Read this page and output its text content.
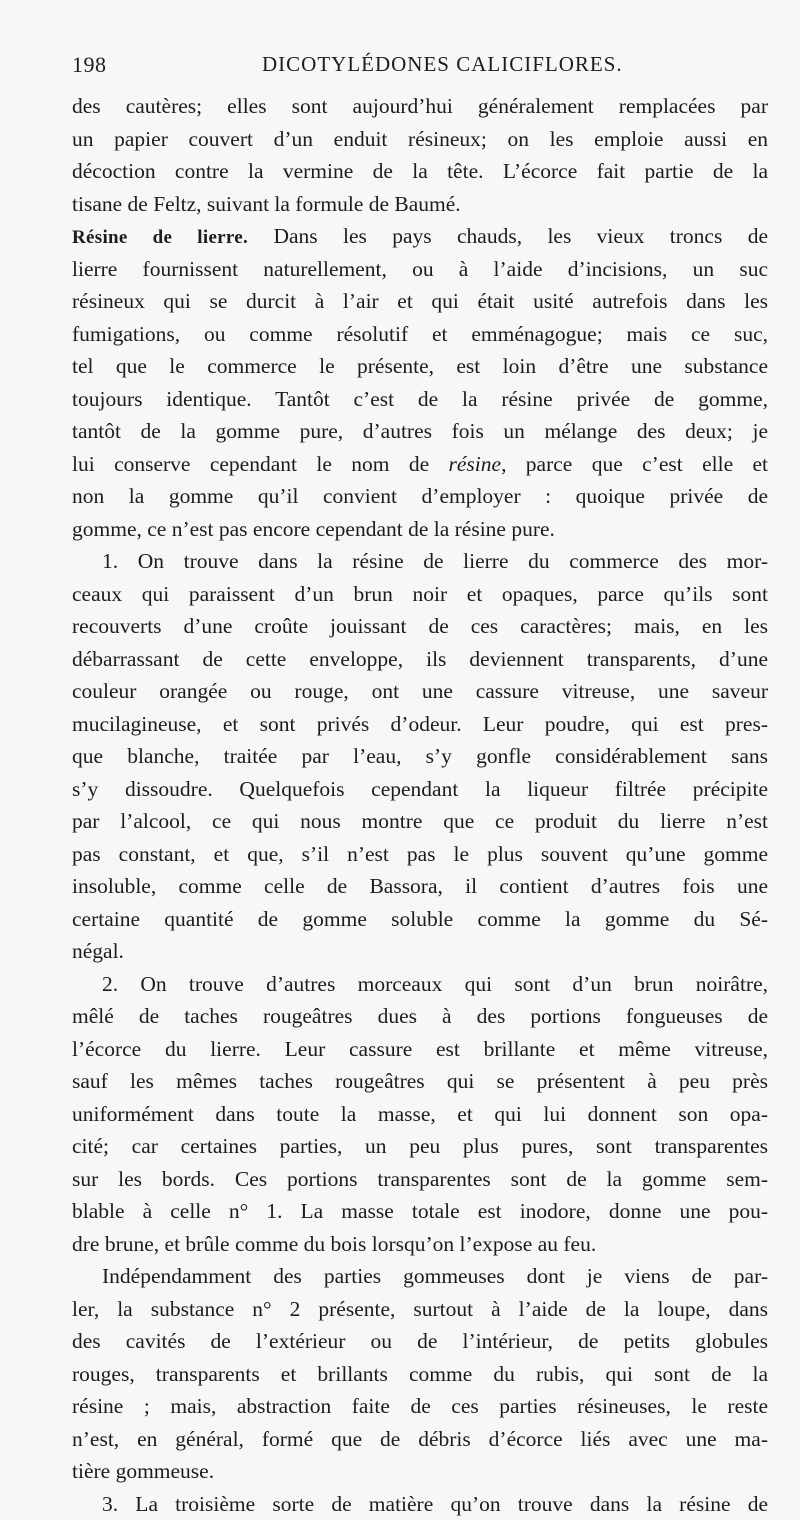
198	DICOTYLÉDONES CALICIFLORES.
des cautères; elles sont aujourd’hui généralement remplacées par
un papier couvert d’un enduit résineux; on les emploie aussi en
décoction contre la vermine de la tête. L’écorce fait partie de la
tisane de Feltz, suivant la formule de Baumé.
Résine de lierre. Dans les pays chauds, les vieux troncs de
lierre fournissent naturellement, ou à l’aide d’incisions, un suc
résineux qui se durcit à l’air et qui était usité autrefois dans les
fumigations, ou comme résolutif et emménagogue; mais ce suc,
tel que le commerce le présente, est loin d’être une substance
toujours identique. Tantôt c’est de la résine privée de gomme,
tantôt de la gomme pure, d’autres fois un mélange des deux; je
lui conserve cependant le nom de résine, parce que c’est elle et
non la gomme qu’il convient d’employer : quoique privée de
gomme, ce n’est pas encore cependant de la résine pure.
1. On trouve dans la résine de lierre du commerce des mor-
ceaux qui paraissent d’un brun noir et opaques, parce qu’ils sont
recouverts d’une croûte jouissant de ces caractères; mais, en les
débarrassant de cette enveloppe, ils deviennent transparents, d’une
couleur orangée ou rouge, ont une cassure vitreuse, une saveur
mucilagineuse, et sont privés d’odeur. Leur poudre, qui est pres-
que blanche, traitée par l’eau, s’y gonfle considérablement sans
s’y dissoudre. Quelquefois cependant la liqueur filtrée précipite
par l’alcool, ce qui nous montre que ce produit du lierre n’est
pas constant, et que, s’il n’est pas le plus souvent qu’une gomme
insoluble, comme celle de Bassora, il contient d’autres fois une
certaine quantité de gomme soluble comme la gomme du Sé-
négal.
2. On trouve d’autres morceaux qui sont d’un brun noirâtre,
mêlé de taches rougeâtres dues à des portions fongueuses de
l’écorce du lierre. Leur cassure est brillante et même vitreuse,
sauf les mêmes taches rougeâtres qui se présentent à peu près
uniformément dans toute la masse, et qui lui donnent son opa-
cité; car certaines parties, un peu plus pures, sont transparentes
sur les bords. Ces portions transparentes sont de la gomme sem-
blable à celle n° 1. La masse totale est inodore, donne une pou-
dre brune, et brûle comme du bois lorsqu’on l’expose au feu.
Indépendamment des parties gommeuses dont je viens de par-
ler, la substance n° 2 présente, surtout à l’aide de la loupe, dans
des cavités de l’extérieur ou de l’intérieur, de petits globules
rouges, transparents et brillants comme du rubis, qui sont de la
résine ; mais, abstraction faite de ces parties résineuses, le reste
n’est, en général, formé que de débris d’écorce liés avec une ma-
tière gommeuse.
3. La troisième sorte de matière qu’on trouve dans la résine de
